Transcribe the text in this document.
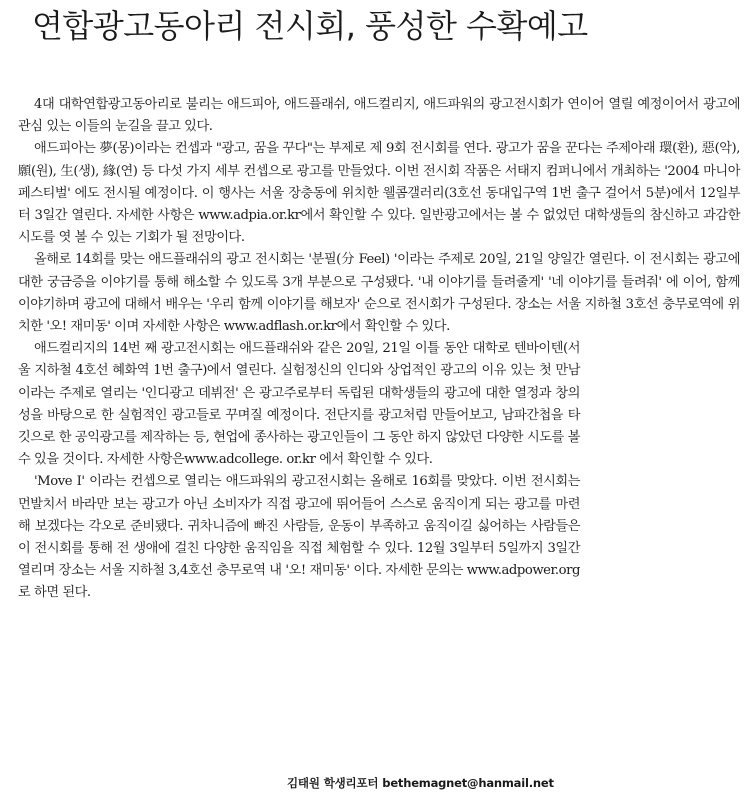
연합광고동아리 전시회, 풍성한 수확예고

4대 대학연합광고동아리로 불리는 애드피아, 애드플래쉬, 애드컬리지, 애드파워의 광고전시회가 연이어 열릴 예정이어서 광고에 관심 있는 이들의 눈길을 끌고 있다.

애드피아는 夢(몽)이라는 컨셉과 "광고, 꿈을 꾸다"는 부제로 제 9회 전시회를 연다. 광고가 꿈을 꾼다는 주제아래 環(환), 惡(악), 願(원), 生(생), 緣(연) 등 다섯 가지 세부 컨셉으로 광고를 만들었다. 이번 전시회 작품은 서태지 컴퍼니에서 개최하는 '2004 마니아 페스티벌' 에도 전시될 예정이다. 이 행사는 서울 장충동에 위치한 웰콤갤러리(3호선 동대입구역 1번 출구 걸어서 5분)에서 12일부터 3일간 열린다. 자세한 사항은 www.adpia.or.kr에서 확인할 수 있다. 일반광고에서는 볼 수 없었던 대학생들의 참신하고 과감한 시도를 엿 볼 수 있는 기회가 될 전망이다.

올해로 14회를 맞는 애드플래쉬의 광고 전시회는 '분필(分 Feel) '이라는 주제로 20일, 21일 양일간 열린다. 이 전시회는 광고에 대한 궁금증을 이야기를 통해 해소할 수 있도록 3개 부분으로 구성됐다. '내 이야기를 들려줄게' '네 이야기를 들려줘' 에 이어, 함께 이야기하며 광고에 대해서 배우는 '우리 함께 이야기를 해보자' 순으로 전시회가 구성된다. 장소는 서울 지하철 3호선 충무로역에 위치한 '오! 재미동' 이며 자세한 사항은 www.adflash.or.kr에서 확인할 수 있다.

애드컬리지의 14번 째 광고전시회는 애드플래쉬와 같은 20일, 21일 이틀 동안 대학로 텐바이텐(서울 지하철 4호선 혜화역 1번 출구)에서 열린다. 실험정신의 인디와 상업적인 광고의 이유 있는 첫 만남이라는 주제로 열리는 '인디광고 데뷔전' 은 광고주로부터 독립된 대학생들의 광고에 대한 열정과 창의성을 바탕으로 한 실험적인 광고들로 꾸며질 예정이다. 전단지를 광고처럼 만들어보고, 남파간첩을 타깃으로 한 공익광고를 제작하는 등, 현업에 종사하는 광고인들이 그 동안 하지 않았던 다양한 시도를 볼 수 있을 것이다. 자세한 사항은www.adcollege. or.kr 에서 확인할 수 있다.

'Move I' 이라는 컨셉으로 열리는 애드파워의 광고전시회는 올해로 16회를 맞았다. 이번 전시회는 먼발치서 바라만 보는 광고가 아닌 소비자가 직접 광고에 뛰어들어 스스로 움직이게 되는 광고를 마련해 보겠다는 각오로 준비됐다. 귀차니즘에 빠진 사람들, 운동이 부족하고 움직이길 싫어하는 사람들은 이 전시회를 통해 전 생애에 걸친 다양한 움직임을 직접 체험할 수 있다. 12월 3일부터 5일까지 3일간 열리며 장소는 서울 지하철 3,4호선 충무로역 내 '오! 재미동' 이다. 자세한 문의는 www.adpower.org로 하면 된다.

김태원 학생리포터 bethemagnet@hanmail.net
